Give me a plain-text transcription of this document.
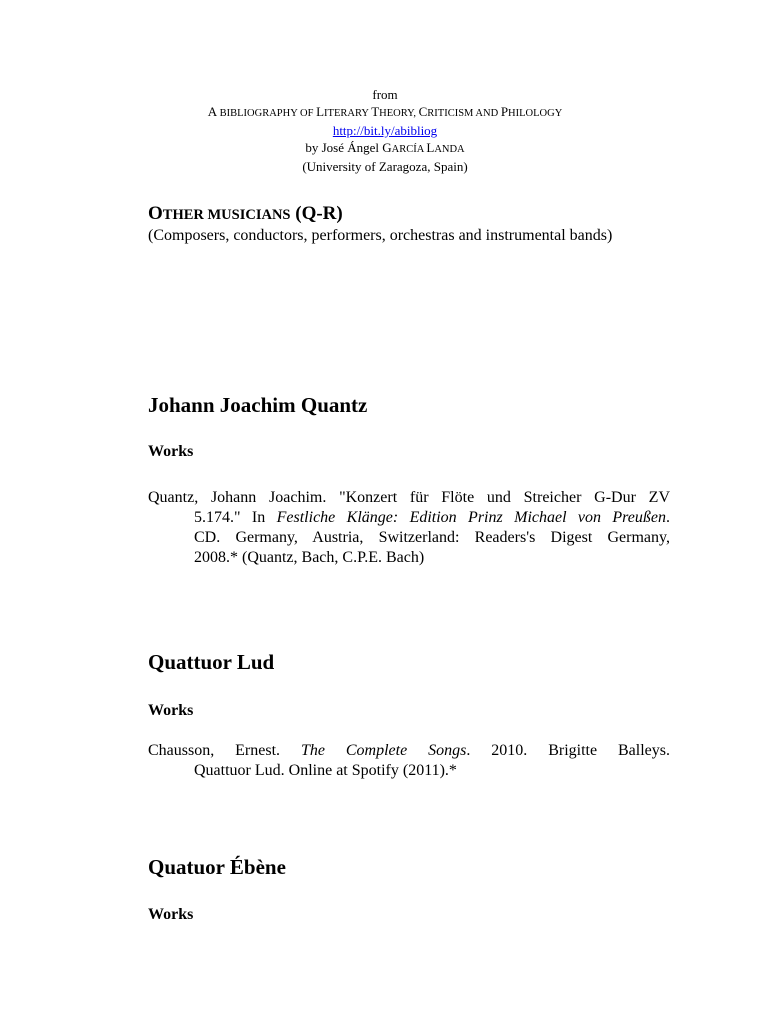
from
A BIBLIOGRAPHY OF LITERARY THEORY, CRITICISM AND PHILOLOGY
http://bit.ly/abibliog
by José Ángel GARCÍA LANDA
(University of Zaragoza, Spain)
OTHER MUSICIANS (Q-R)
(Composers, conductors, performers, orchestras and instrumental bands)
Johann Joachim Quantz
Works
Quantz, Johann Joachim. "Konzert für Flöte und Streicher G-Dur ZV
5.174." In Festliche Klänge: Edition Prinz Michael von Preußen.
CD. Germany, Austria, Switzerland: Readers's Digest Germany,
2008.* (Quantz, Bach, C.P.E. Bach)
Quattuor Lud
Works
Chausson, Ernest. The Complete Songs. 2010. Brigitte Balleys.
Quattuor Lud. Online at Spotify (2011).*
Quatuor Ébène
Works
